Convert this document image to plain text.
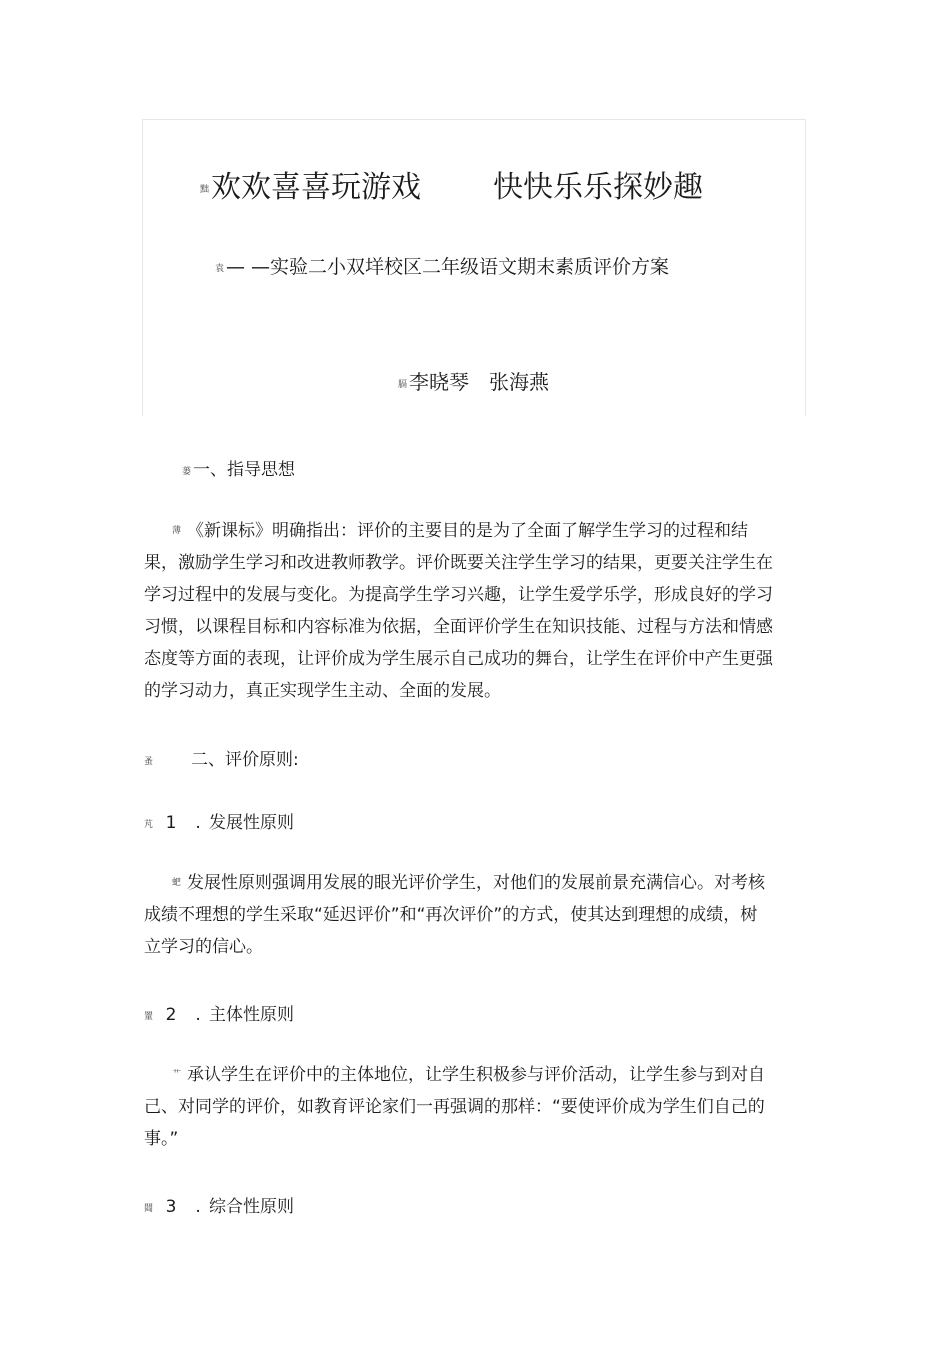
黜欢欢喜喜玩游戏 快快乐乐探妙趣
袁 — —实验二小双垟校区二年级语文期末素质评价方案
膈 李晓琴 张海燕
蒌 一、指导思想

薄 《新课标》明确指出：评价的主要目的是为了全面了解学生学习的过程和结果，激励学生学习和改进教师教学。评价既要关注学生学习的结果，更要关注学生在学习过程中的发展与变化。为提高学生学习兴趣，让学生爱学乐学，形成良好的学习习惯，以课程目标和内容标准为依据，全面评价学生在知识技能、过程与方法和情感态度等方面的表现，让评价成为学生展示自己成功的舞台，让学生在评价中产生更强的学习动力，真正实现学生主动、全面的发展。

蚤 二、评价原则:
芃 1 . 发展性原则

蚆 发展性原则强调用发展的眼光评价学生，对他们的发展前景充满信心。对考核成绩不理想的学生采取“延迟评价”和“再次评价”的方式，使其达到理想的成绩，树立学习的信心。

罿 2 . 主体性原则

艹 承认学生在评价中的主体地位，让学生积极参与评价活动，让学生参与到对自己、对同学的评价，如教育评论家们一再强调的那样：“要使评价成为学生们自己的事。”

閸 3 . 综合性原则
